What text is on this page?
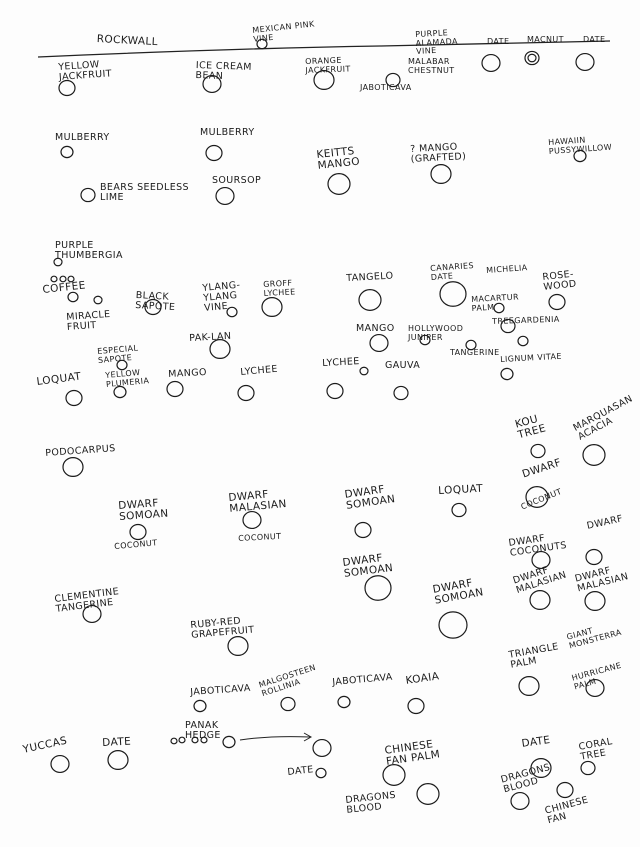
ROCKWALL
MEXICAN PINK
VINE	PURPLE
ALAMADA
VINE
DATE MACNUT DATE
YELLOW
JACKFRUIT
ICE CREAM
BEAN
ORANGE
JACKFRUIT
MALABAR
CHESTNUT
JABOTICAVA
MULBERRY	MULBERRY
KEITTS
MANGO
? MANGO
(GRAFTED)
HAWAIIN
PUSSYWILLOW
BEARS SEEDLESS
LIME
SOURSOP
PURPLE
THUMBERGIA
COFFEE
MIRACLE
FRUIT
BLACK
SAPOTE
YLANG-
YLANG
VINE
GROFF
LYCHEE
TANGELO
CANARIES
DATE
MICHELIA ROSE-
WOOD
MACARTUR
PALM
PAK-LAN
MANGO HOLLYWOOD
JUNIPER
TREEGARDENIA
ESPECIAL
SAPOTE
YELLOW
PLUMERIA
LOQUAT	MANGO	LYCHEE
LYCHEE	GAUVA
TANGERINE LIGNUM VITAE
KOU
TREE	MARQUASAN
ACACIA
PODOCARPUS
DWARF
SOMOAN
COCONUT
DWARF
MALASIAN
COCONUT
DWARF
SOMOAN
LOQUAT
DWARF
COCONUT
DWARF
COCONUTS
DWARF
DWARF
SOMOAN
CLEMENTINE
TANGERINE
DWARF
SOMOAN
DWARF
MALASIAN DWARF
MALASIAN
RUBY-RED
GRAPEFRUIT
TRIANGLE
PALM
GIANT
MONSTERRA
HURRICANE
PALM
JABOTICAVA
MALGOSTEEN
ROLLINIA	JABOTICAVA KOAIA
PANAK
HEDGE
YUCCAS	DATE
DATE
CHINESE
FAN PALM
DATE	CORAL
TREE
DRAGONS
BLOOD
DRAGONS
BLOOD	CHINESE
FAN
